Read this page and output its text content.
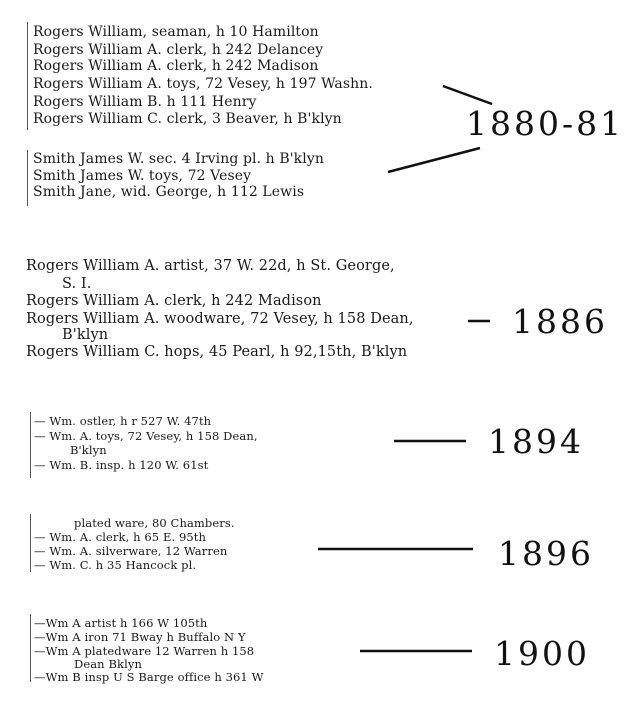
Rogers William, seaman, h 10 Hamilton

Rogers William A. clerk, h 242 Delancey

Rogers William A. clerk, h 242 Madison

Rogers William A. toys, 72 Vesey, h 197 Washn.

Rogers William B. h 111 Henry

Rogers William C. clerk, 3 Beaver, h B'klyn

Smith James W. sec. 4 Irving pl. h B'klyn

Smith James W. toys, 72 Vesey

Smith Jane, wid. George, h 112 Lewis

1880-81

Rogers William A. artist, 37 W. 22d, h St. George,

S. I.

Rogers William A. clerk, h 242 Madison

Rogers William A. woodware, 72 Vesey, h 158 Dean,

B'klyn

Rogers William C. hops, 45 Pearl, h 92,15th, B'klyn

1886

— Wm. ostler, h r 527 W. 47th

— Wm. A. toys, 72 Vesey, h 158 Dean,

B'klyn

— Wm. B. insp. h 120 W. 61st

1894

plated ware, 80 Chambers.

— Wm. A. clerk, h 65 E. 95th

— Wm. A. silverware, 12 Warren

— Wm. C. h 35 Hancock pl.	1896

—Wm A artist h 166 W 105th

—Wm A iron 71 Bway h Buffalo N Y

—Wm A platedware 12 Warren h 158

Dean Bklyn

—Wm B insp U S Barge office h 361 W

1900
